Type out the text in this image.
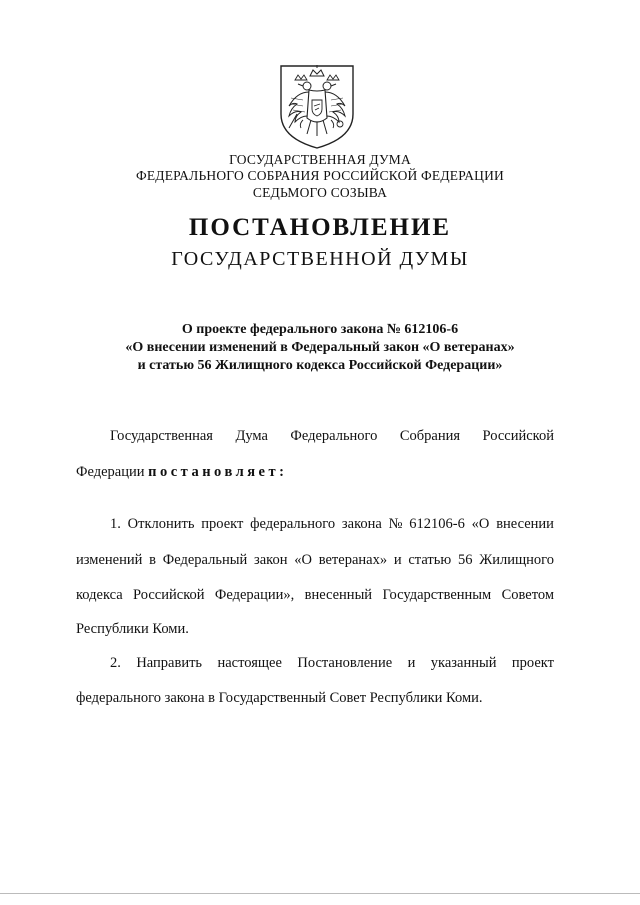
ГОСУДАРСТВЕННАЯ ДУМА
ФЕДЕРАЛЬНОГО СОБРАНИЯ РОССИЙСКОЙ ФЕДЕРАЦИИ
СЕДЬМОГО СОЗЫВА
ПОСТАНОВЛЕНИЕ
ГОСУДАРСТВЕННОЙ ДУМЫ
О проекте федерального закона № 612106-6
«О внесении изменений в Федеральный закон «О ветеранах»
и статью 56 Жилищного кодекса Российской Федерации»
Государственная Дума Федерального Собрания Российской
Федерации постановляет:
1. Отклонить проект федерального закона № 612106-6 «О внесении
изменений в Федеральный закон «О ветеранах» и статью 56 Жилищного
кодекса Российской Федерации», внесенный Государственным Советом
Республики Коми.
2. Направить настоящее Постановление и указанный проект
федерального закона в Государственный Совет Республики Коми.
